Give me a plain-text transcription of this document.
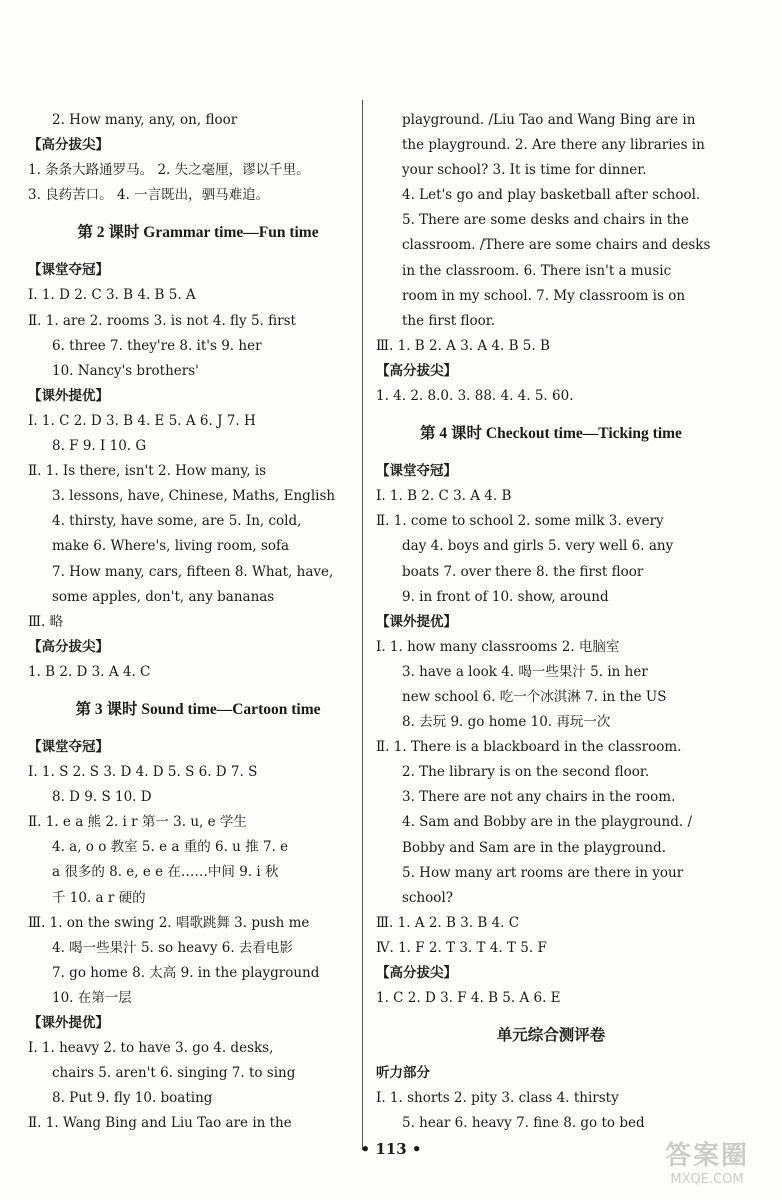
2. How many, any, on, floor
【高分拔尖】
1. 条条大路通罗马。 2. 失之毫厘，谬以千里。
3. 良药苦口。 4. 一言既出，驷马难追。
第 2 课时 Grammar time—Fun time
【课堂夺冠】
Ⅰ. 1. D 2. C 3. B 4. B 5. A
Ⅱ. 1. are 2. rooms 3. is not 4. fly 5. first
6. three 7. they're 8. it's 9. her
10. Nancy's brothers'
【课外提优】
Ⅰ. 1. C 2. D 3. B 4. E 5. A 6. J 7. H
8. F 9. I 10. G
Ⅱ. 1. Is there, isn't 2. How many, is
3. lessons, have, Chinese, Maths, English
4. thirsty, have some, are 5. In, cold,
make 6. Where's, living room, sofa
7. How many, cars, fifteen 8. What, have,
some apples, don't, any bananas
Ⅲ. 略
【高分拔尖】
1. B 2. D 3. A 4. C
第 3 课时 Sound time—Cartoon time
【课堂夺冠】
Ⅰ. 1. S 2. S 3. D 4. D 5. S 6. D 7. S
8. D 9. S 10. D
Ⅱ. 1. e a 熊 2. i r 第一 3. u, e 学生
4. a, o o 教室 5. e a 重的 6. u 推 7. e
a 很多的 8. e, e e 在……中间 9. i 秋
千 10. a r 硬的
Ⅲ. 1. on the swing 2. 唱歌跳舞 3. push me
4. 喝一些果汁 5. so heavy 6. 去看电影
7. go home 8. 太高 9. in the playground
10. 在第一层
【课外提优】
Ⅰ. 1. heavy 2. to have 3. go 4. desks,
chairs 5. aren't 6. singing 7. to sing
8. Put 9. fly 10. boating
Ⅱ. 1. Wang Bing and Liu Tao are in the
playground. /Liu Tao and Wang Bing are in
the playground. 2. Are there any libraries in
your school? 3. It is time for dinner.
4. Let's go and play basketball after school.
5. There are some desks and chairs in the
classroom. /There are some chairs and desks
in the classroom. 6. There isn't a music
room in my school. 7. My classroom is on
the first floor.
Ⅲ. 1. B 2. A 3. A 4. B 5. B
【高分拔尖】
1. 4. 2. 8.0. 3. 88. 4. 4. 5. 60.
第 4 课时 Checkout time—Ticking time
【课堂夺冠】
Ⅰ. 1. B 2. C 3. A 4. B
Ⅱ. 1. come to school 2. some milk 3. every
day 4. boys and girls 5. very well 6. any
boats 7. over there 8. the first floor
9. in front of 10. show, around
【课外提优】
Ⅰ. 1. how many classrooms 2. 电脑室
3. have a look 4. 喝一些果汁 5. in her
new school 6. 吃一个冰淇淋 7. in the US
8. 去玩 9. go home 10. 再玩一次
Ⅱ. 1. There is a blackboard in the classroom.
2. The library is on the second floor.
3. There are not any chairs in the room.
4. Sam and Bobby are in the playground. /
Bobby and Sam are in the playground.
5. How many art rooms are there in your
school?
Ⅲ. 1. A 2. B 3. B 4. C
Ⅳ. 1. F 2. T 3. T 4. T 5. F
【高分拔尖】
1. C 2. D 3. F 4. B 5. A 6. E
单元综合测评卷
听力部分
Ⅰ. 1. shorts 2. pity 3. class 4. thirsty
5. hear 6. heavy 7. fine 8. go to bed
• 113 •	答案圈
MXQE.COM
